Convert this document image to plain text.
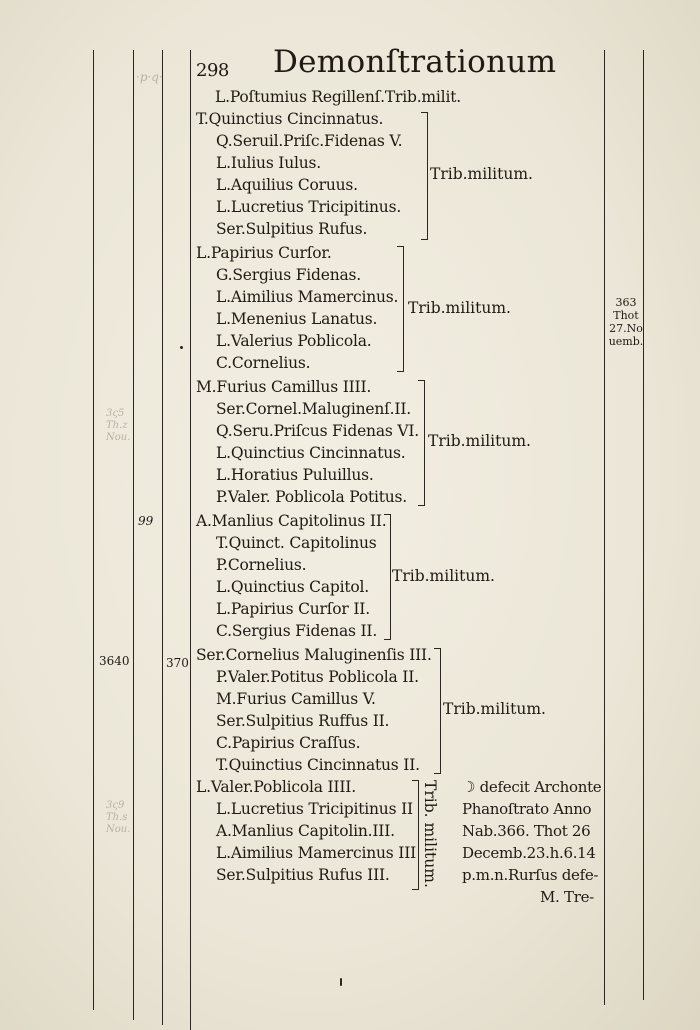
·p·q·
3ς5
Th.z
Nou.
3ς9
Th.s
Nou.
298 Demonſtrationum
L.Poſtumius Regillenſ.Trib.milit.
T.Quinctius Cincinnatus.
Q.Seruil.Priſc.Fidenas V.
L.Iulius Iulus.
L.Aquilius Coruus.
L.Lucretius Tricipitinus.
Ser.Sulpitius Rufus.
Trib.militum.
L.Papirius Curſor.
G.Sergius Fidenas.
L.Aimilius Mamercinus.
L.Menenius Lanatus.
L.Valerius Poblicola.
C.Cornelius.
Trib.militum.
M.Furius Camillus IIII.
Ser.Cornel.Maluginenſ.II.
Q.Seru.Priſcus Fidenas VI.
L.Quinctius Cincinnatus.
L.Horatius Puluillus.
P.Valer. Poblicola Potitus.
Trib.militum.
99	A.Manlius Capitolinus II.
T.Quinct. Capitolinus
P.Cornelius.
L.Quinctius Capitol.
L.Papirius Curſor II.
C.Sergius Fidenas II.
Trib.militum.
3640	370 Ser.Cornelius Maluginenſis III.
P.Valer.Potitus Poblicola II.
M.Furius Camillus V.
Ser.Sulpitius Ruffus II.
C.Papirius Craſſus.
T.Quinctius Cincinnatus II.
Trib.militum.
L.Valer.Poblicola IIII.
L.Lucretius Tricipitinus II
A.Manlius Capitolin.III.
L.Aimilius Mamercinus III
Ser.Sulpitius Rufus III. Trib. militum. ☽ defecit Archonte
Phanoſtrato Anno
Nab.366. Thot 26
Decemb.23.h.6.14
p.m.n.Rurſus defe-
M. Tre-
363
Thot
27.No
uemb.
